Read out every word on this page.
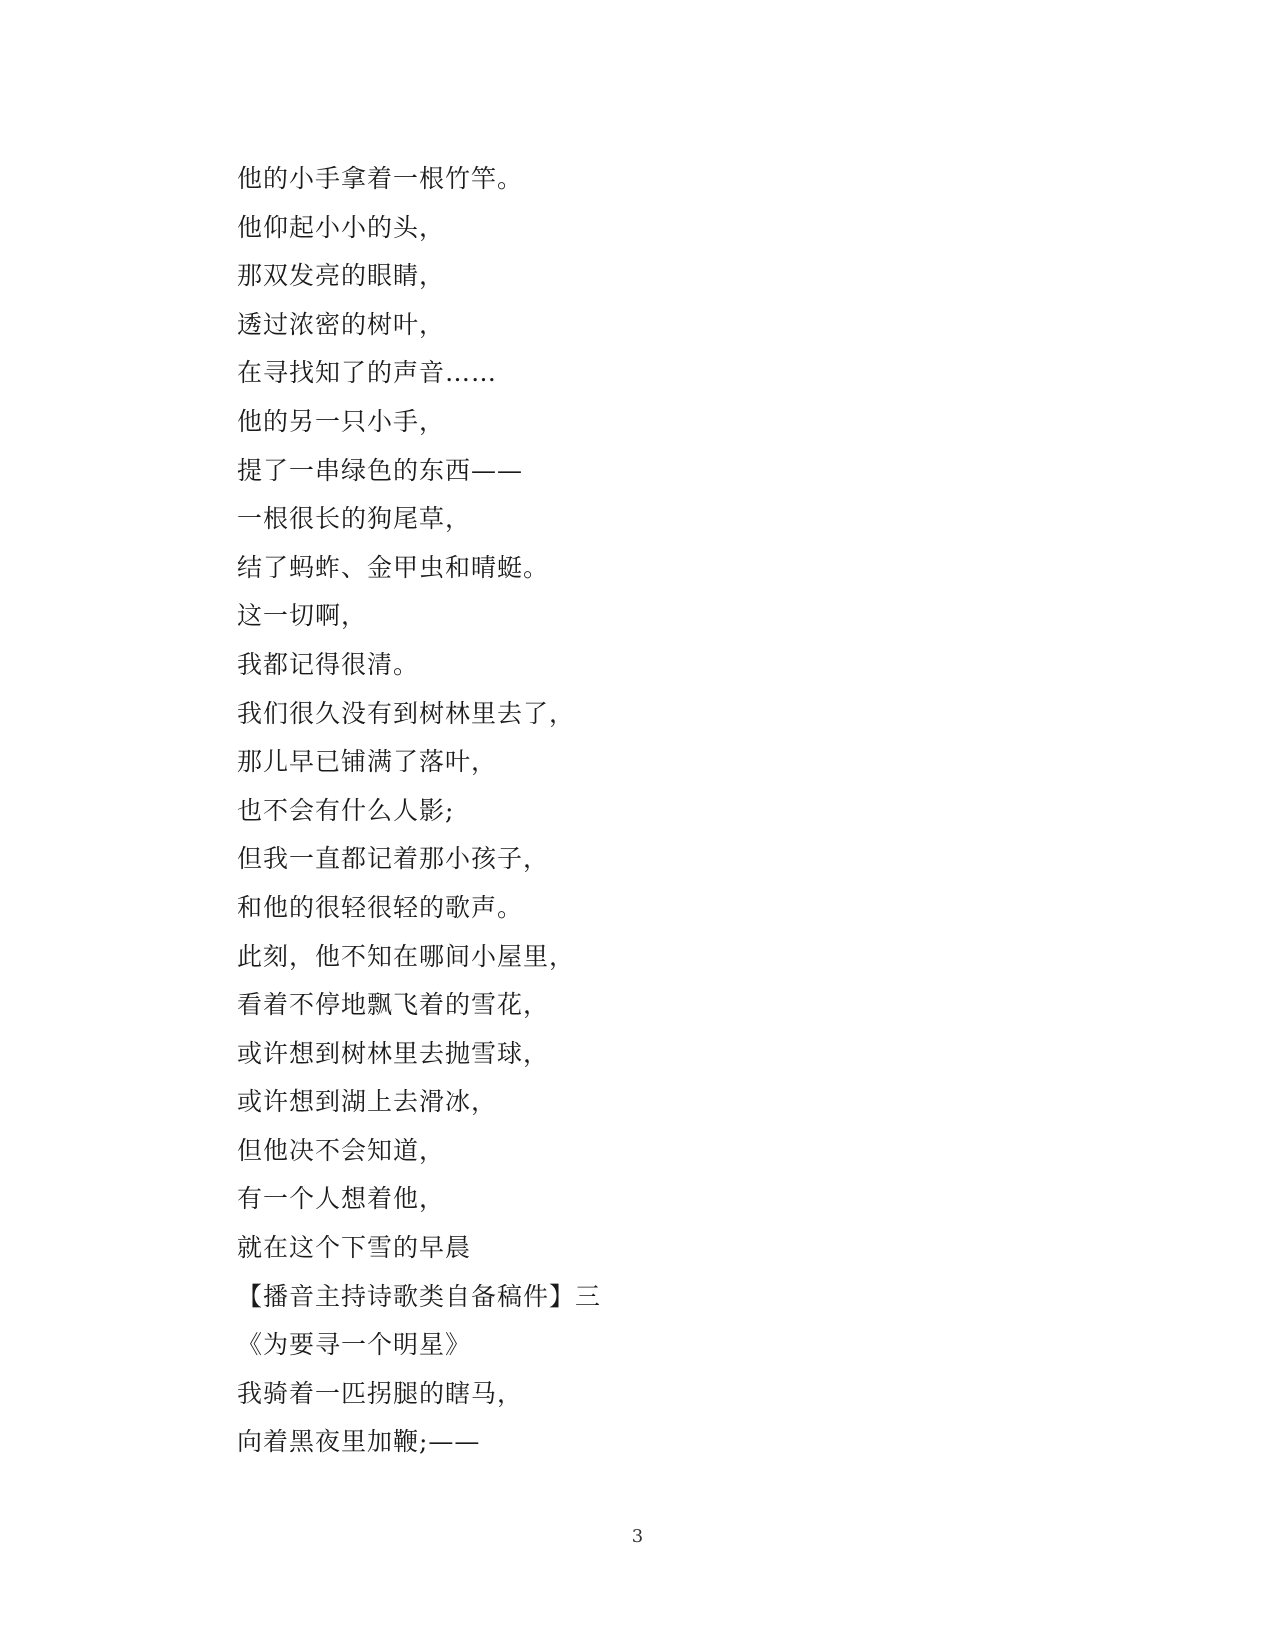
他的小手拿着一根竹竿。
他仰起小小的头，
那双发亮的眼睛，
透过浓密的树叶，
在寻找知了的声音……
他的另一只小手，
提了一串绿色的东西——
一根很长的狗尾草，
结了蚂蚱、金甲虫和晴蜓。
这一切啊，
我都记得很清。
我们很久没有到树林里去了，
那儿早已铺满了落叶，
也不会有什么人影;
但我一直都记着那小孩子，
和他的很轻很轻的歌声。
此刻，他不知在哪间小屋里，
看着不停地飘飞着的雪花，
或许想到树林里去抛雪球，
或许想到湖上去滑冰，
但他决不会知道，
有一个人想着他，
就在这个下雪的早晨
【播音主持诗歌类自备稿件】三
《为要寻一个明星》
我骑着一匹拐腿的瞎马，
向着黑夜里加鞭;——
3
